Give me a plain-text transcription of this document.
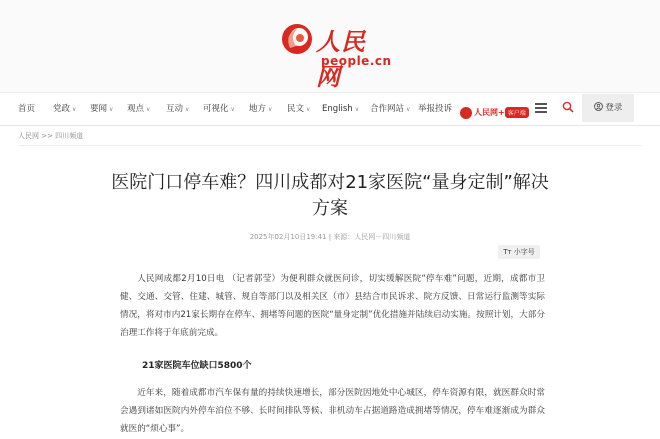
人民网
people.cn
首页 党政 ∨ 要闻 ∨ 观点 ∨ 互动 ∨ 可视化 ∨ 地方 ∨ 民文 ∨ English ∨ 合作网站 ∨ 举报投诉	人民网+ 客户端
登录
人民网 >> 四川频道
医院门口停车难？四川成都对21家医院“量身定制”解决方案
2025年02月10日19:41 | 来源：人民网－四川频道
Tт 小字号

人民网成都2月10日电 （记者郭莹）为便利群众就医问诊，切实缓解医院“停车难”问题，近期，成都市卫健、交通、交管、住建、城管、规自等部门以及相关区（市）县结合市民诉求、院方反馈、日常运行监测等实际情况，将对市内21家长期存在停车、拥堵等问题的医院“量身定制”优化措施并陆续启动实施。按照计划，大部分治理工作将于年底前完成。

21家医院车位缺口5800个

近年来，随着成都市汽车保有量的持续快速增长，部分医院因地处中心城区，停车资源有限，就医群众时常会遇到诸如医院内外停车泊位不够、长时间排队等候、非机动车占据道路造成拥堵等情况，停车难逐渐成为群众就医的“烦心事”。
